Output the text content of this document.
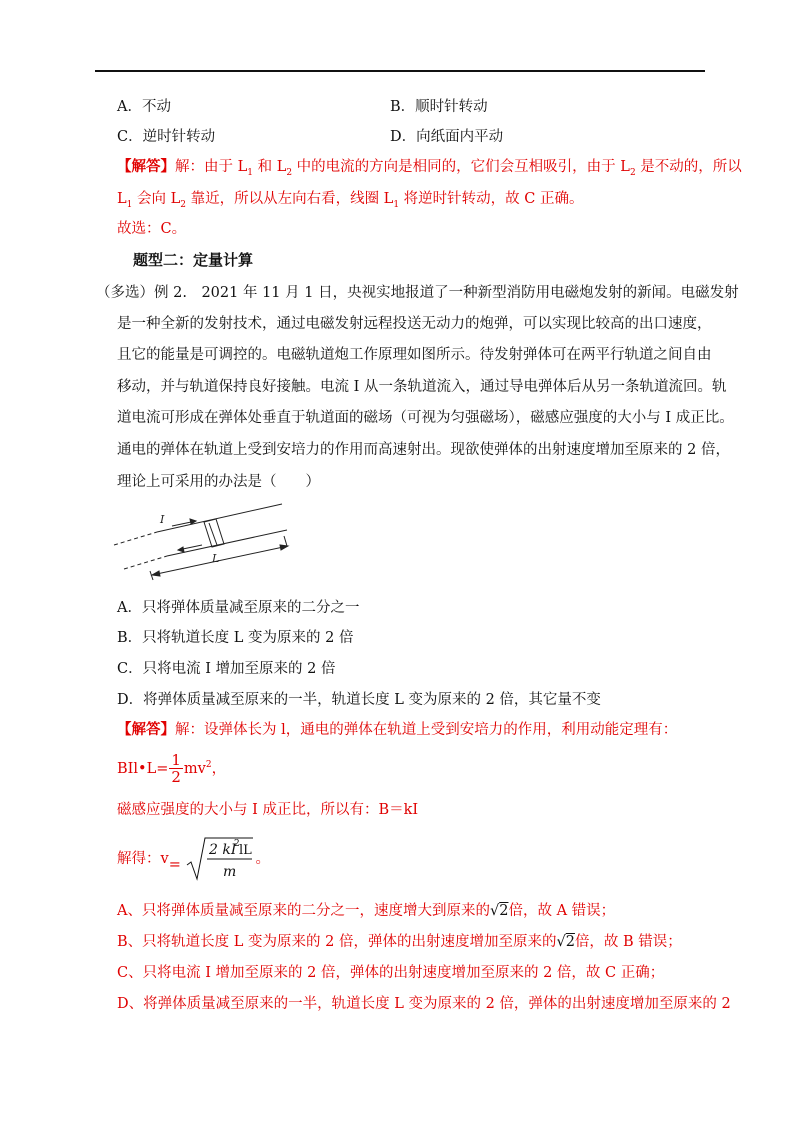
A．不动	B．顺时针转动
C．逆时针转动	D．向纸面内平动
【解答】解：由于 $L_1$ 和 $L_2$ 中的电流的方向是相同的，它们会互相吸引，由于 $L_2$ 是不动的，所以
$L_1$ 会向 $L_2$ 靠近，所以从左向右看，线圈 $L_1$ 将逆时针转动，故 C 正确。
故选：C。
题型二：定量计算
（多选）例 2.　2021 年 11 月 1 日，央视实地报道了一种新型消防用电磁炮发射的新闻。电磁发射
是一种全新的发射技术，通过电磁发射远程投送无动力的炮弹，可以实现比较高的出口速度，
且它的能量是可调控的。电磁轨道炮工作原理如图所示。待发射弹体可在两平行轨道之间自由
移动，并与轨道保持良好接触。电流 I 从一条轨道流入，通过导电弹体后从另一条轨道流回。轨
道电流可形成在弹体处垂直于轨道面的磁场（可视为匀强磁场），磁感应强度的大小与 I 成正比。
通电的弹体在轨道上受到安培力的作用而高速射出。现欲使弹体的出射速度增加至原来的 2 倍，
理论上可采用的办法是（　　）
I
L
A．只将弹体质量减至原来的二分之一
B．只将轨道长度 L 变为原来的 2 倍
C．只将电流 I 增加至原来的 2 倍
D．将弹体质量减至原来的一半，轨道长度 L 变为原来的 2 倍，其它量不变
【解答】解：设弹体长为 l，通电的弹体在轨道上受到安培力的作用，利用动能定理有：
BIl•L= $\frac{1}{2} mv^2$，
磁感应强度的大小与 I 成正比，所以有：B＝kI
解得：v=
2 kI
2 lL
m
。
A、只将弹体质量减至原来的二分之一，速度增大到原来的√2倍，故 A 错误；
B、只将轨道长度 L 变为原来的 2 倍，弹体的出射速度增加至原来的√2倍，故 B 错误；
C、只将电流 I 增加至原来的 2 倍，弹体的出射速度增加至原来的 2 倍，故 C 正确；
D、将弹体质量减至原来的一半，轨道长度 L 变为原来的 2 倍，弹体的出射速度增加至原来的 2
